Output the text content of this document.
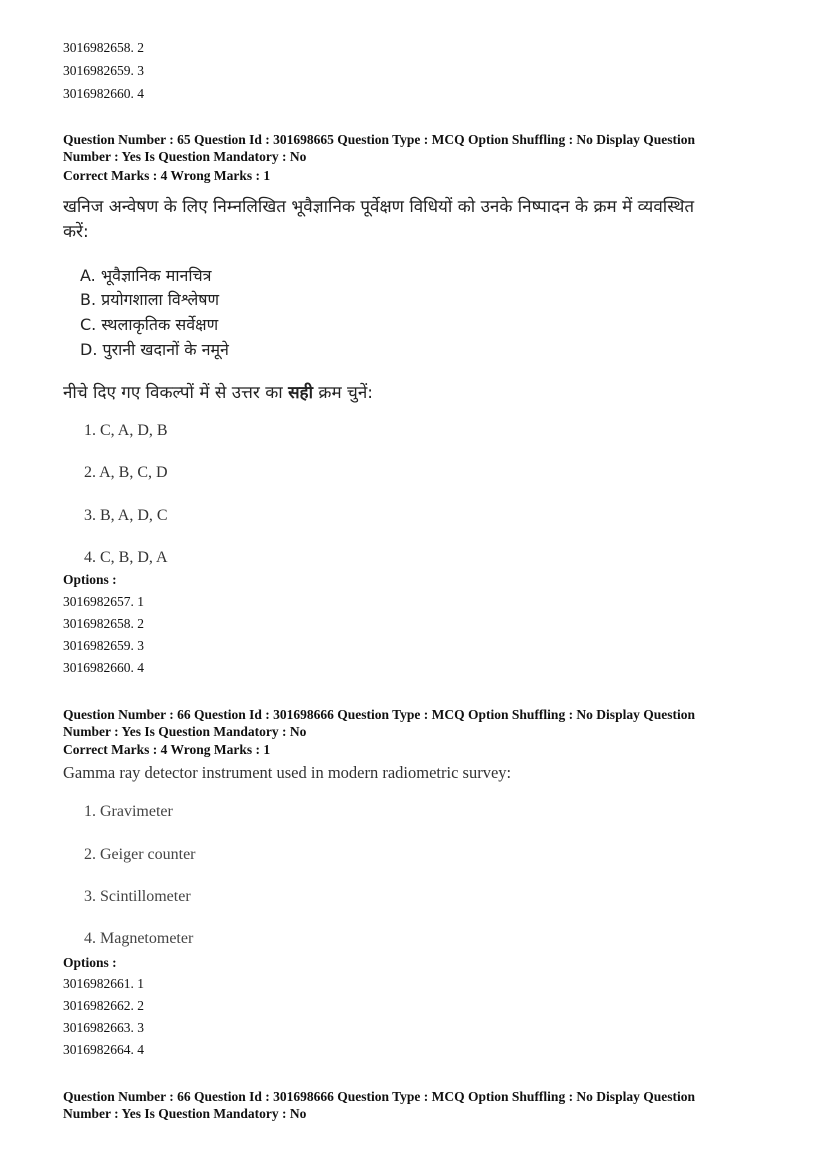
3016982658. 2
3016982659. 3
3016982660. 4
Question Number : 65 Question Id : 301698665 Question Type : MCQ Option Shuffling : No Display Question
Number : Yes Is Question Mandatory : No
Correct Marks : 4 Wrong Marks : 1
खनिज अन्वेषण के लिए निम्नलिखित भूवैज्ञानिक पूर्वेक्षण विधियों को उनके निष्पादन के क्रम में व्यवस्थित
करें:
A. भूवैज्ञानिक मानचित्र
B. प्रयोगशाला विश्लेषण
C. स्थलाकृतिक सर्वेक्षण
D. पुरानी खदानों के नमूने
नीचे दिए गए विकल्पों में से उत्तर का सही क्रम चुनें:
1. C, A, D, B
2. A, B, C, D
3. B, A, D, C
4. C, B, D, A
Options :
3016982657. 1
3016982658. 2
3016982659. 3
3016982660. 4
Question Number : 66 Question Id : 301698666 Question Type : MCQ Option Shuffling : No Display Question
Number : Yes Is Question Mandatory : No
Correct Marks : 4 Wrong Marks : 1
Gamma ray detector instrument used in modern radiometric survey:
1. Gravimeter
2. Geiger counter
3. Scintillometer
4. Magnetometer
Options :
3016982661. 1
3016982662. 2
3016982663. 3
3016982664. 4
Question Number : 66 Question Id : 301698666 Question Type : MCQ Option Shuffling : No Display Question
Number : Yes Is Question Mandatory : No
